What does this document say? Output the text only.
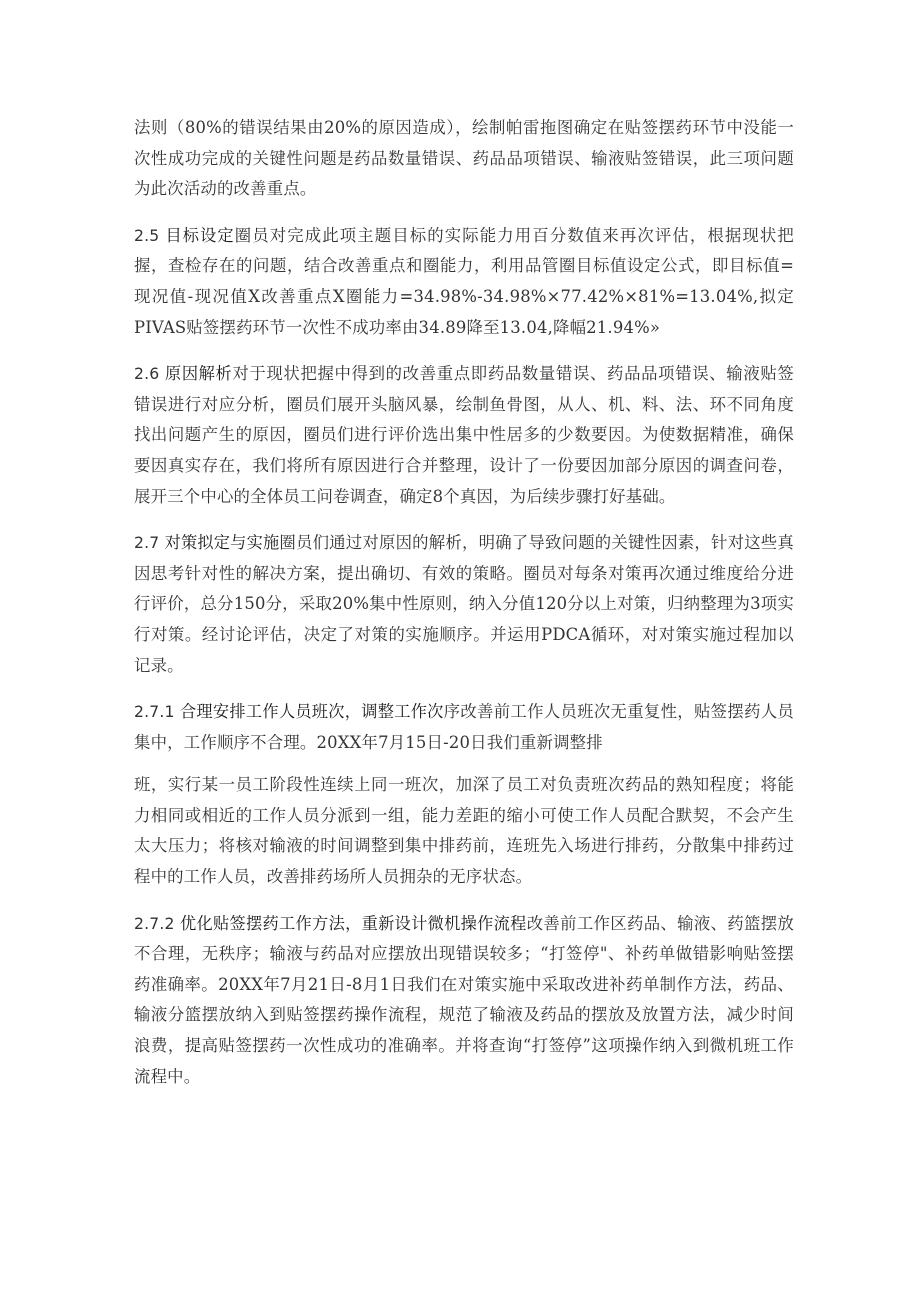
法则（80%的错误结果由20%的原因造成），绘制帕雷拖图确定在贴签摆药环节中没能一次性成功完成的关键性问题是药品数量错误、药品品项错误、输液贴签错误，此三项问题为此次活动的改善重点。

2.5 目标设定圈员对完成此项主题目标的实际能力用百分数值来再次评估，根据现状把握，查检存在的问题，结合改善重点和圈能力，利用品管圈目标值设定公式，即目标值=现况值-现况值X改善重点X圈能力=34.98%-34.98%×77.42%×81%=13.04%,拟定PIVAS贴签摆药环节一次性不成功率由34.89降至13.04,降幅21.94%»

2.6 原因解析对于现状把握中得到的改善重点即药品数量错误、药品品项错误、输液贴签错误进行对应分析，圈员们展开头脑风暴，绘制鱼骨图，从人、机、料、法、环不同角度找出问题产生的原因，圈员们进行评价选出集中性居多的少数要因。为使数据精准，确保要因真实存在，我们将所有原因进行合并整理，设计了一份要因加部分原因的调查问卷，展开三个中心的全体员工问卷调查，确定8个真因，为后续步骤打好基础。

2.7 对策拟定与实施圈员们通过对原因的解析，明确了导致问题的关键性因素，针对这些真因思考针对性的解决方案，提出确切、有效的策略。圈员对每条对策再次通过维度给分进行评价，总分150分，采取20%集中性原则，纳入分值120分以上对策，归纳整理为3项实行对策。经讨论评估，决定了对策的实施顺序。并运用PDCA循环，对对策实施过程加以记录。

2.7.1 合理安排工作人员班次，调整工作次序改善前工作人员班次无重复性，贴签摆药人员集中，工作顺序不合理。20XX年7月15日-20日我们重新调整排

班，实行某一员工阶段性连续上同一班次，加深了员工对负责班次药品的熟知程度；将能力相同或相近的工作人员分派到一组，能力差距的缩小可使工作人员配合默契，不会产生太大压力；将核对输液的时间调整到集中排药前，连班先入场进行排药，分散集中排药过程中的工作人员，改善排药场所人员拥杂的无序状态。

2.7.2 优化贴签摆药工作方法，重新设计微机操作流程改善前工作区药品、输液、药篮摆放不合理，无秩序；输液与药品对应摆放出现错误较多；“打签停"、补药单做错影响贴签摆药准确率。20XX年7月21日-8月1日我们在对策实施中采取改进补药单制作方法，药品、输液分篮摆放纳入到贴签摆药操作流程，规范了输液及药品的摆放及放置方法，减少时间浪费，提高贴签摆药一次性成功的准确率。并将查询“打签停”这项操作纳入到微机班工作流程中。
